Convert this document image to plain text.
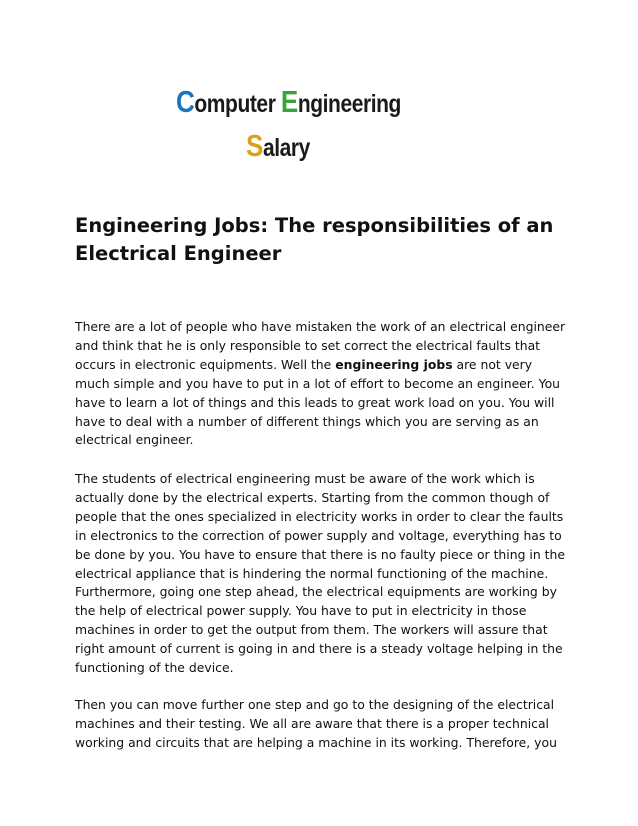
Computer Engineering
Salary
Engineering Jobs: The responsibilities of an Electrical Engineer

There are a lot of people who have mistaken the work of an electrical engineer and think that he is only responsible to set correct the electrical faults that occurs in electronic equipments. Well the engineering jobs are not very much simple and you have to put in a lot of effort to become an engineer. You have to learn a lot of things and this leads to great work load on you. You will have to deal with a number of different things which you are serving as an electrical engineer.

The students of electrical engineering must be aware of the work which is actually done by the electrical experts. Starting from the common though of people that the ones specialized in electricity works in order to clear the faults in electronics to the correction of power supply and voltage, everything has to be done by you. You have to ensure that there is no faulty piece or thing in the electrical appliance that is hindering the normal functioning of the machine. Furthermore, going one step ahead, the electrical equipments are working by the help of electrical power supply. You have to put in electricity in those machines in order to get the output from them. The workers will assure that right amount of current is going in and there is a steady voltage helping in the functioning of the device.

Then you can move further one step and go to the designing of the electrical machines and their testing. We all are aware that there is a proper technical working and circuits that are helping a machine in its working. Therefore, you
